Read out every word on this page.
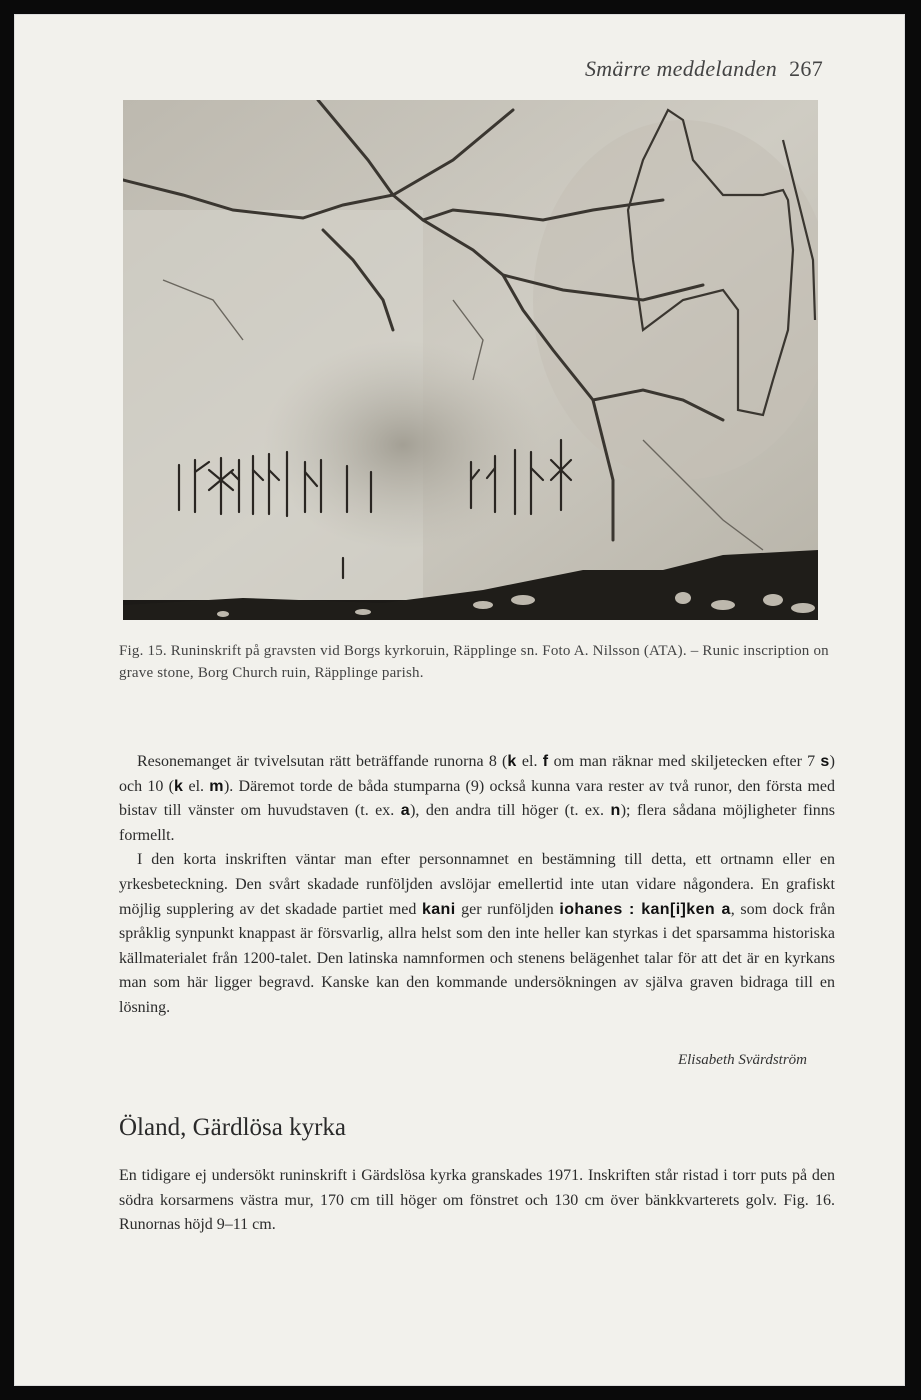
Smärre meddelanden 267
Fig. 15. Runinskrift på gravsten vid Borgs kyrkoruin, Räpplinge sn. Foto A. Nilsson (ATA). – Runic inscription on grave stone, Borg Church ruin, Räpplinge parish.

Resonemanget är tvivelsutan rätt beträffande runorna 8 (k el. f om man räknar med skiljetecken efter 7 s) och 10 (k el. m). Däremot torde de båda stumparna (9) också kunna vara rester av två runor, den första med bistav till vänster om huvudstaven (t. ex. a), den andra till höger (t. ex. n); flera sådana möjligheter finns formellt.

I den korta inskriften väntar man efter personnamnet en bestämning till detta, ett ortnamn eller en yrkesbeteckning. Den svårt skadade runföljden avslöjar emellertid inte utan vidare någondera. En grafiskt möjlig supplering av det skadade partiet med kani ger runföljden iohanes : kan[i]ken a, som dock från språklig synpunkt knappast är försvarlig, allra helst som den inte heller kan styrkas i det sparsamma historiska källmaterialet från 1200-talet. Den latinska namnformen och stenens belägenhet talar för att det är en kyrkans man som här ligger begravd. Kanske kan den kommande undersökningen av själva graven bidraga till en lösning.

Elisabeth Svärdström
Öland, Gärdlösa kyrka

En tidigare ej undersökt runinskrift i Gärdslösa kyrka granskades 1971. Inskriften står ristad i torr puts på den södra korsarmens västra mur, 170 cm till höger om fönstret och 130 cm över bänkkvarterets golv. Fig. 16. Runornas höjd 9–11 cm.
